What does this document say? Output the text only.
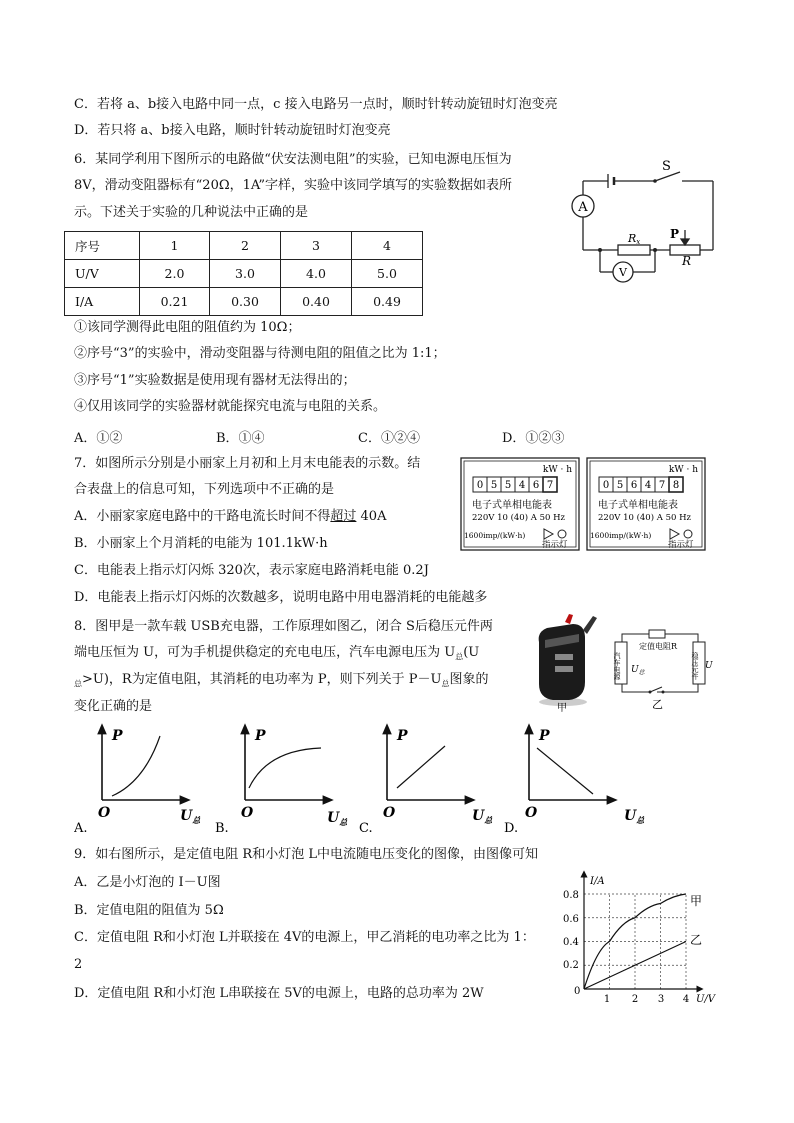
C．若将 a、b接入电路中同一点，c 接入电路另一点时，顺时针转动旋钮时灯泡变亮
D．若只将 a、b接入电路，顺时针转动旋钮时灯泡变亮
6．某同学利用下图所示的电路做“伏安法测电阻”的实验，已知电源电压恒为
8V，滑动变阻器标有“20Ω，1A”字样，实验中该同学填写的实验数据如表所
示。下述关于实验的几种说法中正确的是
序号	1	2	3	4
U/V	2.0	3.0	4.0	5.0
I/A	0.21	0.30	0.40	0.49
A
V
S
Rx
P
R
①该同学测得此电阻的阻值约为 10Ω；
②序号“3”的实验中，滑动变阻器与待测电阻的阻值之比为 1:1；
③序号“1”实验数据是使用现有器材无法得出的；
④仅用该同学的实验器材就能探究电流与电阻的关系。
A．①②	B．①④	C．①②④	D．①②③
7．如图所示分别是小丽家上月初和上月末电能表的示数。结
合表盘上的信息可知，下列选项中不正确的是
A．小丽家家庭电路中的干路电流长时间不得超过 40A
B．小丽家上个月消耗的电能为 101.1kW·h
C．电能表上指示灯闪烁 320次，表示家庭电路消耗电能 0.2J
D．电能表上指示灯闪烁的次数越多，说明电路中用电器消耗的电能越多
kW · h
0 5 5 4 6 7
电子式单相电能表
220V 10 (40) A 50 Hz
1600imp/(kW·h)
指示灯
kW · h
0 5 6 4 7 8
电子式单相电能表
220V 10 (40) A 50 Hz
1600imp/(kW·h)
指示灯
8．图甲是一款车载 USB充电器，工作原理如图乙，闭合 S后稳压元件两
端电压恒为 U，可为手机提供稳定的充电电压，汽车电源电压为 $U_总(U$
$_总$>U)，R为定值电阻，其消耗的电功率为 P，则下列关于 $P-U_总$图象的
变化正确的是	甲
汽车电源	稳压元件
定值电阻R
$U_总$
U
乙
P	P	P	P
O	O	O	O
$U_总$	$U_总$	$U_总$	$U_总$
A.	B.	C.	D.
9．如右图所示，是定值电阻 R和小灯泡 L中电流随电压变化的图像，由图像可知
A．乙是小灯泡的 I－U图
B．定值电阻的阻值为 5Ω
C．定值电阻 R和小灯泡 L并联接在 4V的电源上，甲乙消耗的电功率之比为 1：
2
D．定值电阻 R和小灯泡 L串联接在 5V的电源上，电路的总功率为 2W
I/A
U/V
0
0.2
0.4
0.6
0.8
1 2 3 4
甲
乙
